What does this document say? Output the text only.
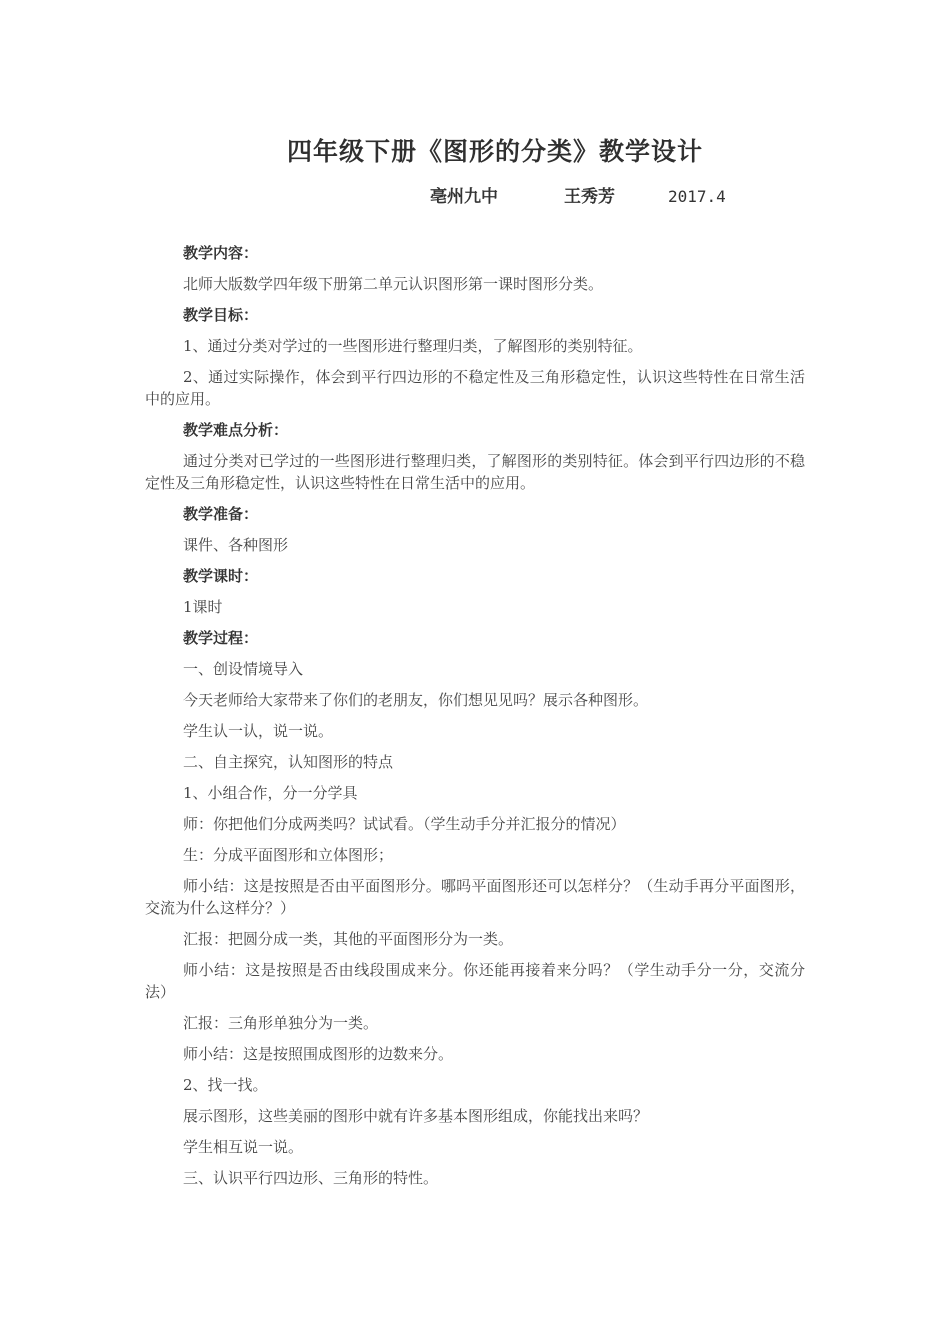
四年级下册《图形的分类》教学设计
亳州九中	王秀芳	2017.4

教学内容：

北师大版数学四年级下册第二单元认识图形第一课时图形分类。

教学目标：

1、通过分类对学过的一些图形进行整理归类，了解图形的类别特征。

2、通过实际操作，体会到平行四边形的不稳定性及三角形稳定性，认识这些特性在日常生活中的应用。

教学难点分析：

通过分类对已学过的一些图形进行整理归类，了解图形的类别特征。体会到平行四边形的不稳定性及三角形稳定性，认识这些特性在日常生活中的应用。

教学准备：

课件、各种图形

教学课时：

1课时

教学过程：

一、创设情境导入

今天老师给大家带来了你们的老朋友，你们想见见吗？展示各种图形。

学生认一认，说一说。

二、自主探究，认知图形的特点

1、小组合作，分一分学具

师：你把他们分成两类吗？试试看。（学生动手分并汇报分的情况）

生：分成平面图形和立体图形；

师小结：这是按照是否由平面图形分。哪吗平面图形还可以怎样分？（生动手再分平面图形，交流为什么这样分？）

汇报：把圆分成一类，其他的平面图形分为一类。

师小结：这是按照是否由线段围成来分。你还能再接着来分吗？（学生动手分一分，交流分法）

汇报：三角形单独分为一类。

师小结：这是按照围成图形的边数来分。

2、找一找。

展示图形，这些美丽的图形中就有许多基本图形组成，你能找出来吗？

学生相互说一说。

三、认识平行四边形、三角形的特性。
